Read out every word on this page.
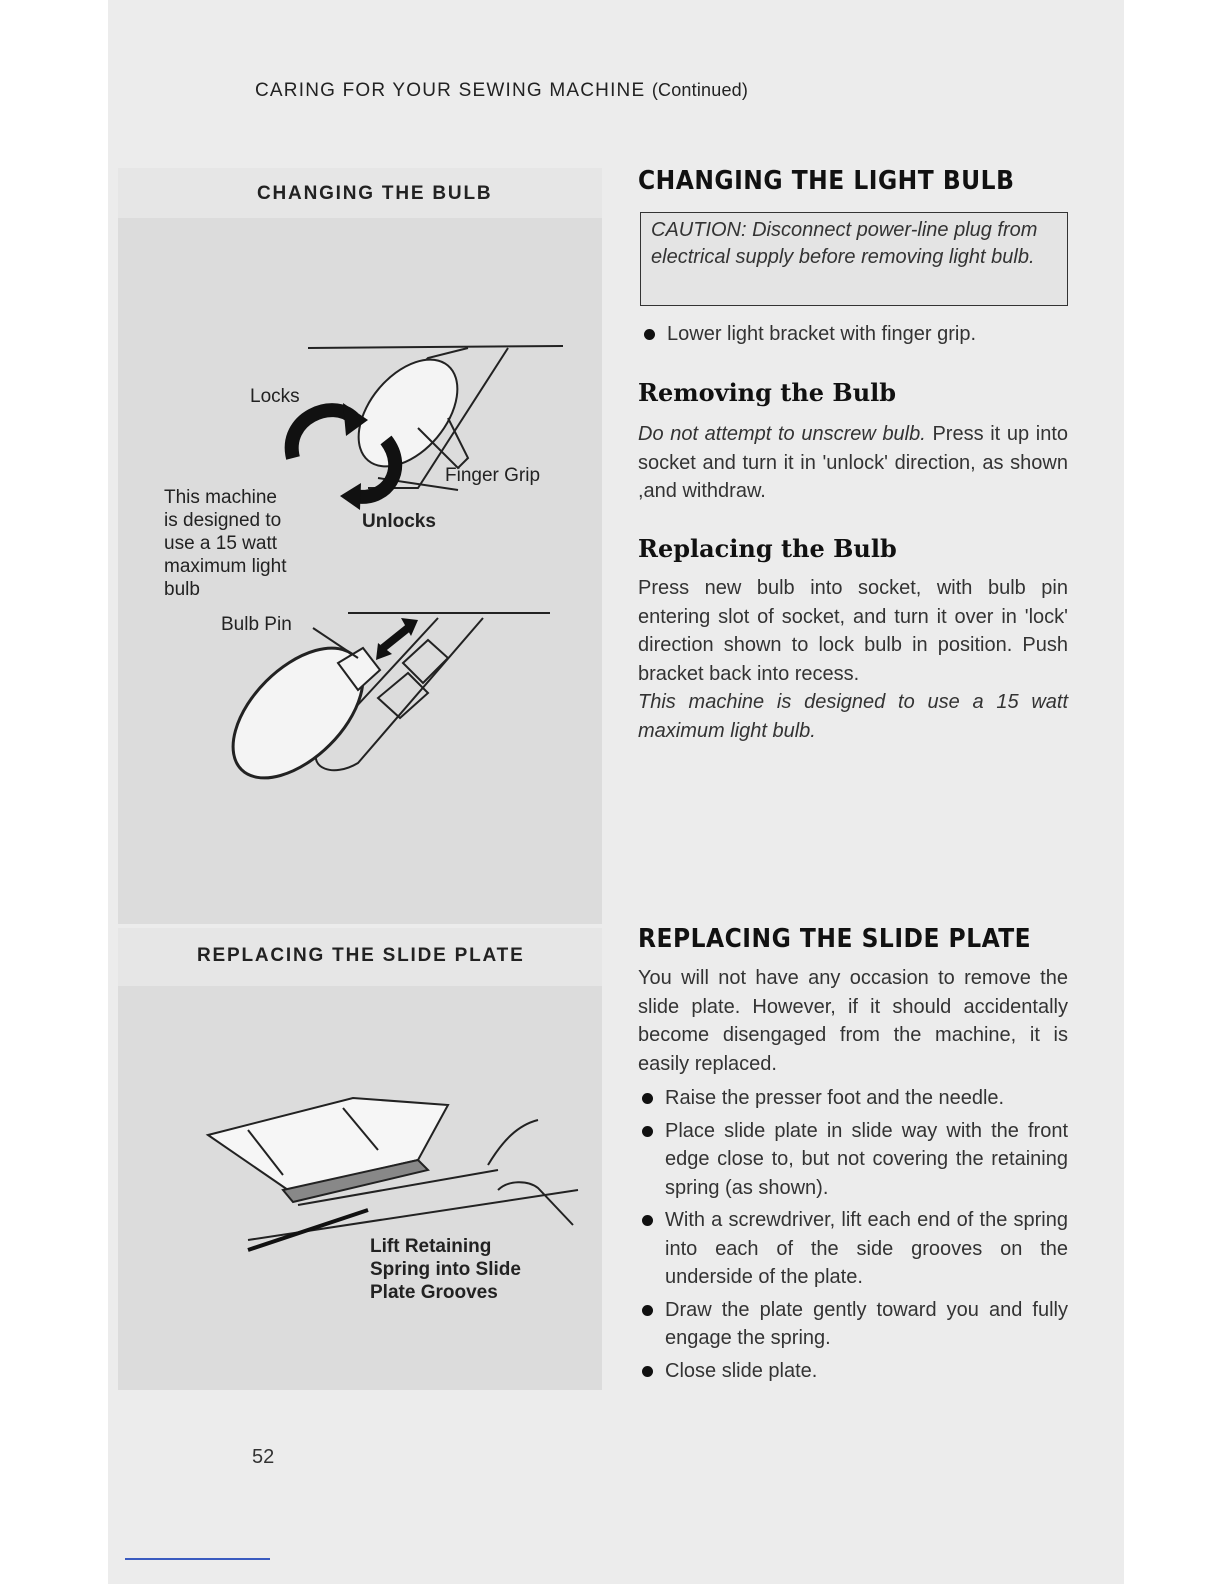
CARING FOR YOUR SEWING MACHINE (Continued)
CHANGING THE BULB
Locks
Finger Grip
Unlocks
Bulb Pin
This machine
is designed to
use a 15 watt
maximum light
bulb
REPLACING THE SLIDE PLATE
Lift Retaining
Spring into Slide
Plate Grooves
CHANGING THE LIGHT BULB
CAUTION: Disconnect power-line plug from electrical supply before removing light bulb.
Lower light bracket with finger grip.
Removing the Bulb
Do not attempt to unscrew bulb. Press it up into socket and turn it in 'unlock' direction, as shown ,and withdraw.
Replacing the Bulb
Press new bulb into socket, with bulb pin entering slot of socket, and turn it over in 'lock' direction shown to lock bulb in position. Push bracket back into recess.
This machine is designed to use a 15 watt maximum light bulb.
REPLACING THE SLIDE PLATE
You will not have any occasion to remove the slide plate. However, if it should accidentally become disengaged from the machine, it is easily replaced.
Raise the presser foot and the needle.
Place slide plate in slide way with the front edge close to, but not covering the retaining spring (as shown).
With a screwdriver, lift each end of the spring into each of the side grooves on the underside of the plate.
Draw the plate gently toward you and fully engage the spring.
Close slide plate.
52
